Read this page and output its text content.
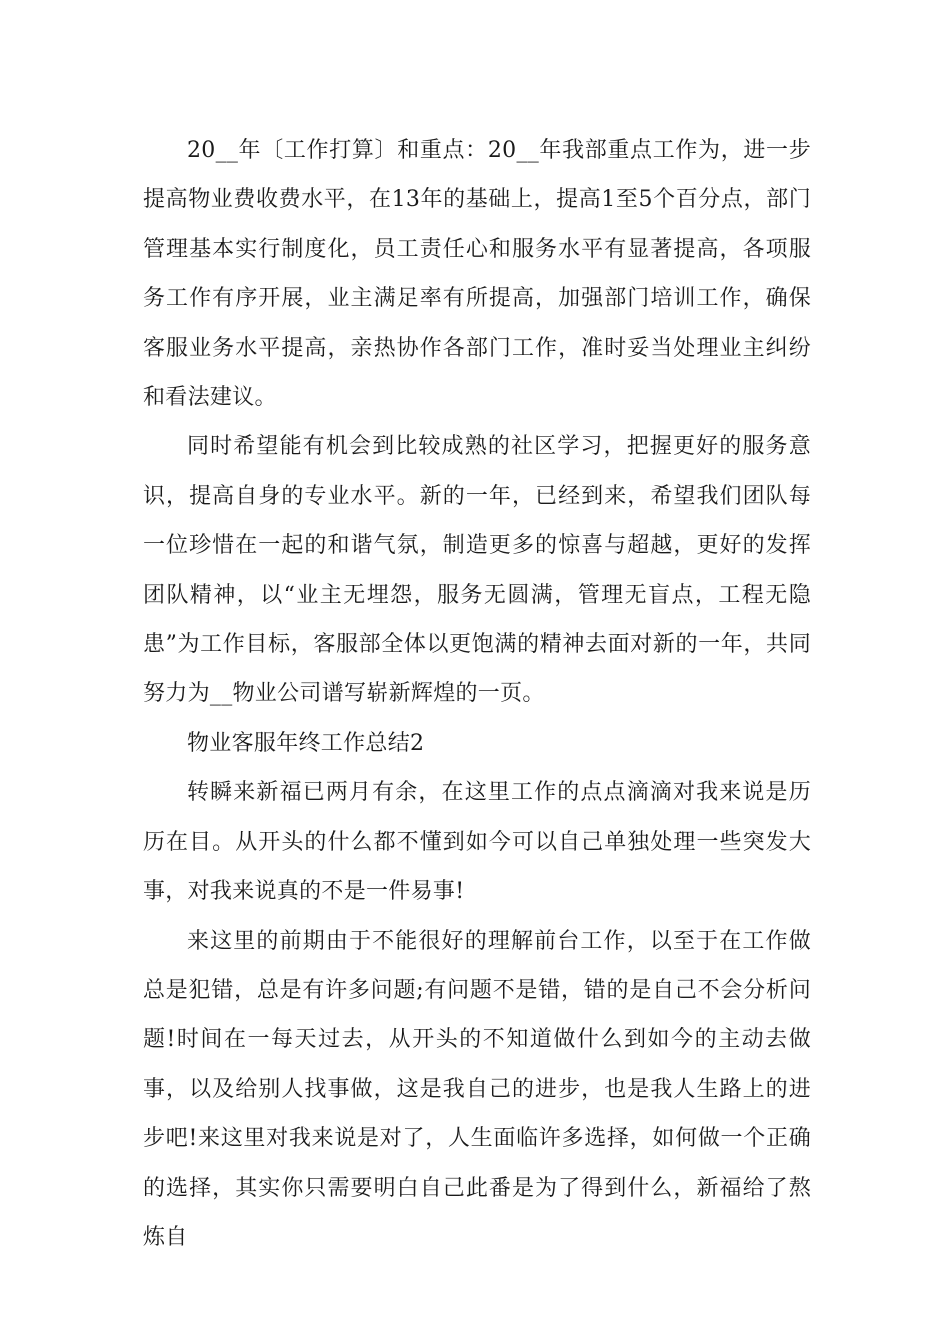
20__年〔工作打算〕和重点：20__年我部重点工作为，进一步提高物业费收费水平，在13年的基础上，提高1至5个百分点，部门管理基本实行制度化，员工责任心和服务水平有显著提高，各项服务工作有序开展，业主满足率有所提高，加强部门培训工作，确保客服业务水平提高，亲热协作各部门工作，准时妥当处理业主纠纷和看法建议。

同时希望能有机会到比较成熟的社区学习，把握更好的服务意识，提高自身的专业水平。新的一年，已经到来，希望我们团队每一位珍惜在一起的和谐气氛，制造更多的惊喜与超越，更好的发挥团队精神，以“业主无埋怨，服务无圆满，管理无盲点，工程无隐患”为工作目标，客服部全体以更饱满的精神去面对新的一年，共同努力为__物业公司谱写崭新辉煌的一页。

物业客服年终工作总结2

转瞬来新福已两月有余，在这里工作的点点滴滴对我来说是历历在目。从开头的什么都不懂到如今可以自己单独处理一些突发大事，对我来说真的不是一件易事!

来这里的前期由于不能很好的理解前台工作，以至于在工作做总是犯错，总是有许多问题;有问题不是错，错的是自己不会分析问题!时间在一每天过去，从开头的不知道做什么到如今的主动去做事，以及给别人找事做，这是我自己的进步，也是我人生路上的进步吧!来这里对我来说是对了，人生面临许多选择，如何做一个正确的选择，其实你只需要明白自己此番是为了得到什么，新福给了熬炼自
